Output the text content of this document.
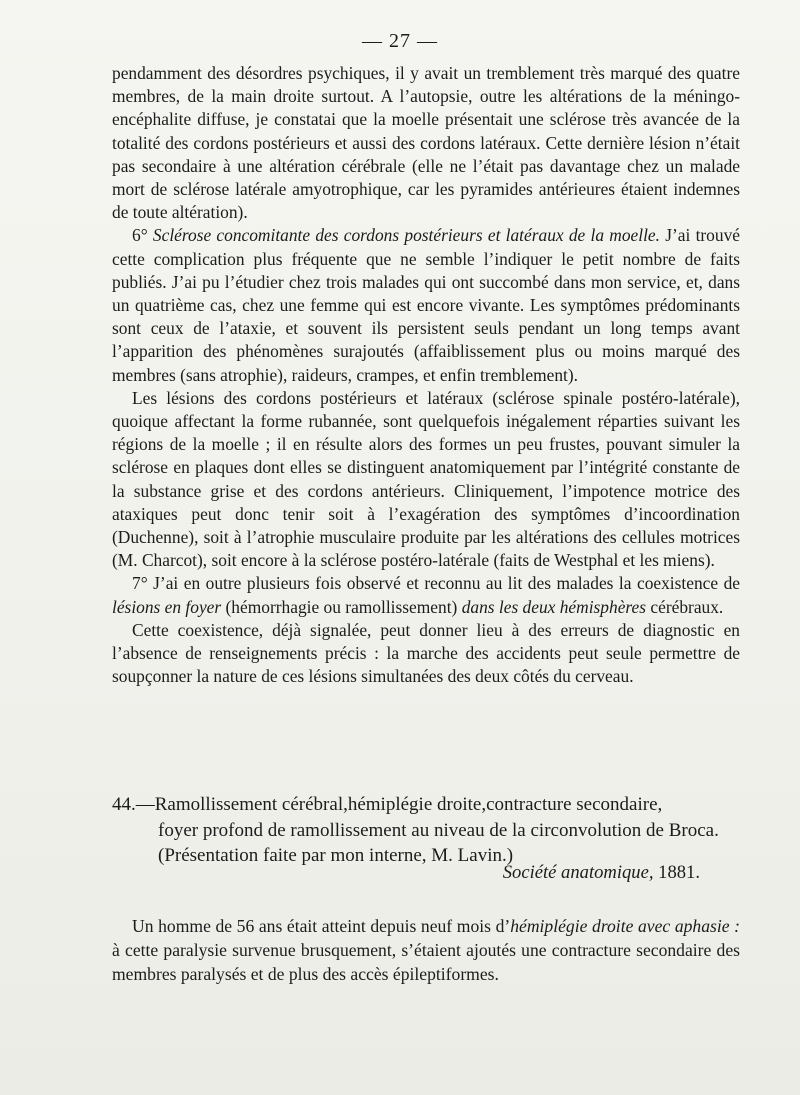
— 27 —

pendamment des désordres psychiques, il y avait un tremblement très marqué des quatre membres, de la main droite surtout. A l’autopsie, outre les altérations de la méningo-encéphalite diffuse, je constatai que la moelle présentait une sclérose très avancée de la totalité des cordons postérieurs et aussi des cordons latéraux. Cette dernière lésion n’était pas secondaire à une altération cérébrale (elle ne l’était pas davantage chez un malade mort de sclérose latérale amyotrophique, car les pyramides antérieures étaient indemnes de toute altération).

6° Sclérose concomitante des cordons postérieurs et latéraux de la moelle. J’ai trouvé cette complication plus fréquente que ne semble l’indiquer le petit nombre de faits publiés. J’ai pu l’étudier chez trois malades qui ont succombé dans mon service, et, dans un quatrième cas, chez une femme qui est encore vivante. Les symptômes prédominants sont ceux de l’ataxie, et souvent ils persistent seuls pendant un long temps avant l’apparition des phénomènes surajoutés (affaiblissement plus ou moins marqué des membres (sans atrophie), raideurs, crampes, et enfin tremblement).

Les lésions des cordons postérieurs et latéraux (sclérose spinale postéro-latérale), quoique affectant la forme rubannée, sont quelquefois inégalement réparties suivant les régions de la moelle ; il en résulte alors des formes un peu frustes, pouvant simuler la sclérose en plaques dont elles se distinguent anatomiquement par l’intégrité constante de la substance grise et des cordons antérieurs. Cliniquement, l’impotence motrice des ataxiques peut donc tenir soit à l’exagération des symptômes d’incoordination (Duchenne), soit à l’atrophie musculaire produite par les altérations des cellules motrices (M. Charcot), soit encore à la sclérose postéro-latérale (faits de Westphal et les miens).

7° J’ai en outre plusieurs fois observé et reconnu au lit des malades la coexistence de lésions en foyer (hémorrhagie ou ramollissement) dans les deux hémisphères cérébraux.

Cette coexistence, déjà signalée, peut donner lieu à des erreurs de diagnostic en l’absence de renseignements précis : la marche des accidents peut seule permettre de soupçonner la nature de ces lésions simultanées des deux côtés du cerveau.

44.—Ramollissement cérébral,hémiplégie droite,contracture secondaire,

foyer profond de ramollissement au niveau de la circonvolution de Broca. (Présentation faite par mon interne, M. Lavin.)

Société anatomique, 1881.

Un homme de 56 ans était atteint depuis neuf mois d’hémiplégie droite avec aphasie : à cette paralysie survenue brusquement, s’étaient ajoutés une contracture secondaire des membres paralysés et de plus des accès épileptiformes.
